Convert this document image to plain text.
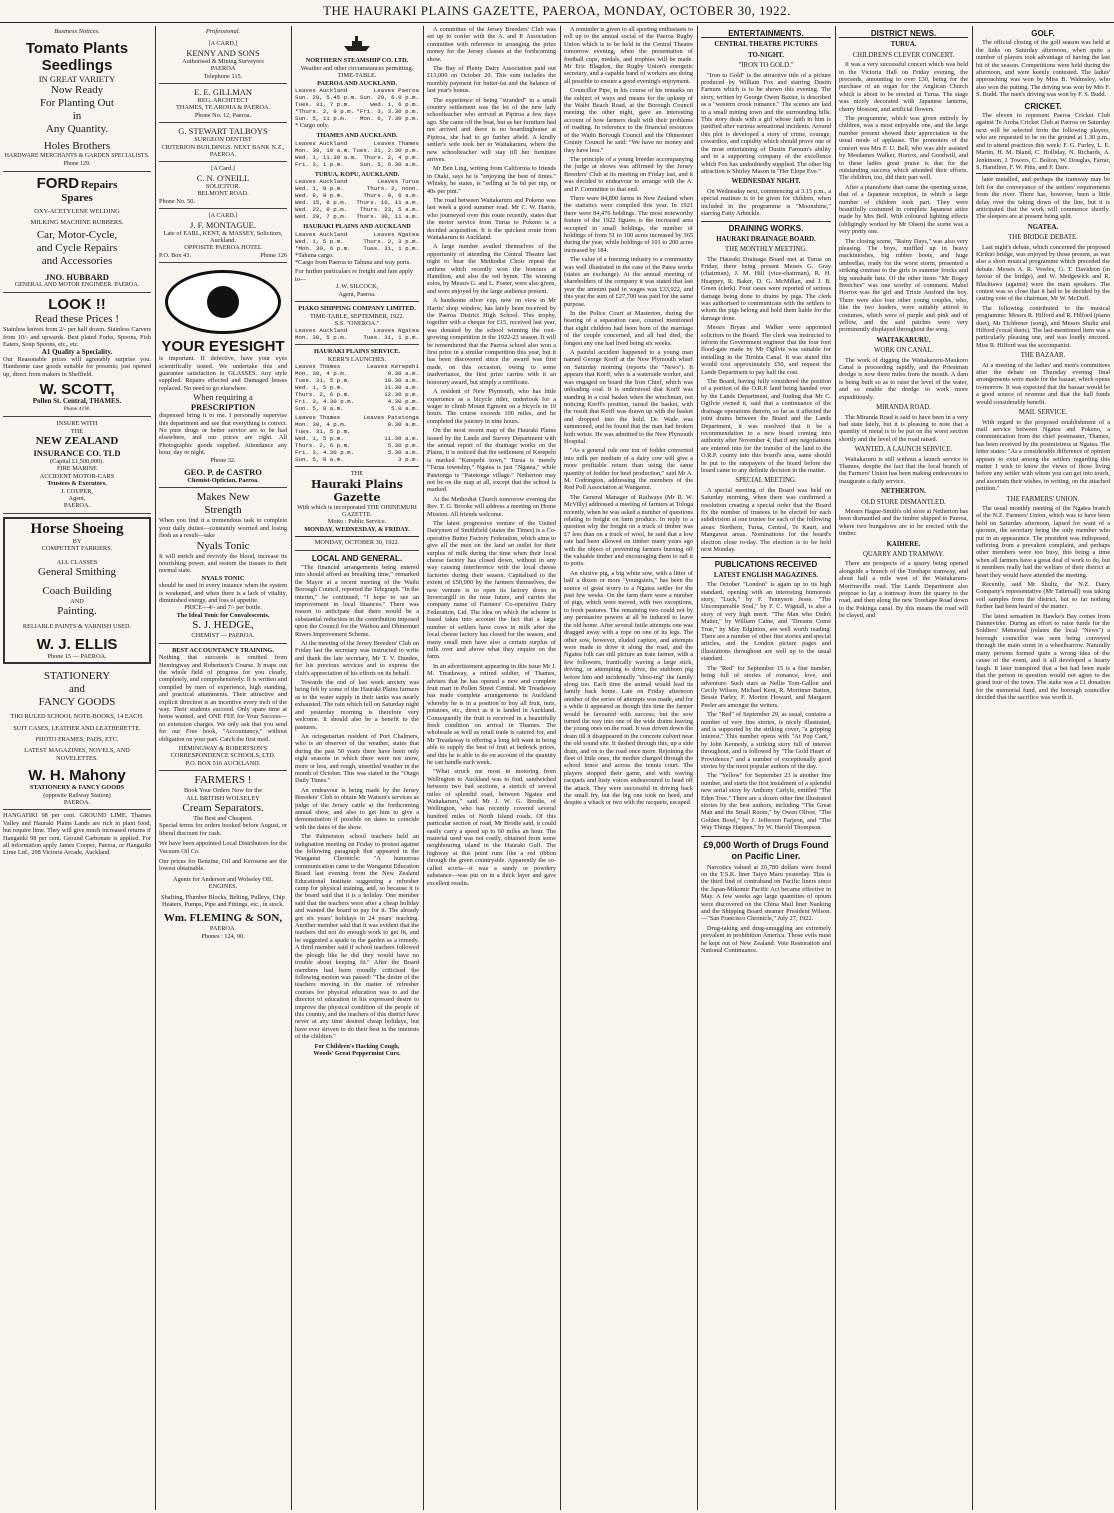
THE HAURAKI PLAINS GAZETTE, PAEROA, MONDAY, OCTOBER 30, 1922.
Business Notices.
Tomato Plants
Seedlings
IN GREAT VARIETY
Now Ready
For Planting Out
in
Any Quantity.
Holes Brothers
HARDWARE MERCHANTS & GARDEN SPECIALISTS.
Phone 129.
FORD Repairs
Spares
OXY-ACETYLENE WELDING
MILKING MACHINE RUBBERS.
Car, Motor-Cycle,
and Cycle Repairs
and Accessories
JNO. HUBBARD
GENERAL AND MOTOR ENGINEER. PAEROA.
LOOK !!
Read these Prices !
Stainless knives from 2/- per half dozen. Stainless Carvers from 10/- and upwards. Best plated Forks, Spoons, Fish Eaters, Soup Spoons, etc., etc.
A1 Quality a Speciality.
Our Reasonable prices will agreeably surprise you. Handsome case goods suitable for presents; just opened up, direct from makers in Sheffield.
W. SCOTT,
Pollen St. Central, THAMES.
Phone 41W.
INSURE WITH
THE
NEW ZEALAND
INSURANCE CO. TLD
(Capital £1,500,000).
FIRE MARINE
ACCIDENT MOTOR-CARS
Trustees & Executors.
J. COUPER,
Agent,
PAEROA.
Horse Shoeing
BY
COMPETENT FARRIERS.
ALL CLASSES
General Smithing
Coach Building
AND
Painting.
RELIABLE PAINTS & VARNISH USED.
W. J. ELLIS
Phone 15 — PAEROA.
STATIONERY
and
FANCY GOODS
TIKI RULED SCHOOL NOTE-BOOKS, 14 EACH.
SUIT CASES, LEATHER AND LEATHERETTE.
PHOTO FRAMES, PADS, ETC.
LATEST MAGAZINES, NOVELS, AND NOVELETTES.
W. H. Mahony
STATIONERY & FANCY GOODS
(opposite Railway Station)
PAEROA.
HANGATIKI 98 per cent. GROUND LIME. Thames Valley and Hauraki Plains Lands are rich in plant food, but require lime. They will give much increased returns if Hangatiki 98 per cent. Ground Carbonate is applied. For all information apply James Cooper, Paeroa, or Hangatiki Lime Ltd., 208 Victoria Arcade, Auckland.
Professional.
[A CARD.]
KENNY AND SONS
Authorised & Mining Surveyors
PAEROA
Telephone 115.
E. E. GILLMAN
REG. ARCHITECT
THAMES, TE AROHA & PAEROA.
Phone No. 12, Paeroa.
G. STEWART TALBOYS
SURGEON DENTIST
CRITERION BUILDINGS. NEXT BANK N.Z., PAEROA.
[A Card.]
C. N. O'NEILL
SOLICITOR.
BELMONT ROAD.
Phone No. 50.
[A CARD.]
J. F. MONTAGUE.
Late of EARL, KENT, & MASSEY, Solicitors, Auckland.
OPPOSITE PAEROA HOTEL
P.O. Box 43.	Phone 126
YOUR EYESIGHT
is important. If defective, have your eyes scientifically tested. We undertake this and guarantee satisfaction in GLASSES. Any style supplied. Repairs effected and Damaged lenses replaced. No need to go elsewhere.
When requiring a
PRESCRIPTION
dispensed bring it to me. I personally supervise this department and see that everything is correct. No pure drugs or better service are to be had elsewhere, and our prices are right. All Photographic goods supplied. Attendance any hour, day or night.
Phone 32.
GEO. P. de CASTRO
Chemist-Optician, Paeroa.
Makes New
Strength
When you find it a tremendous task to complete your daily duties—constantly worried and losing flesh as a result—take
Nyals Tonic
It will enrich and revivify the blood, increase its nourishing power, and restore the tissues to their normal state.
NYALS TONIC
should be used in every instance when the system is weakened, and when there is a lack of vitality, diminished energy, and loss of appetite.
PRICE—4/- and 7/- per bottle.
The Ideal Tonic for Convalescents.
S. J. HEDGE,
CHEMIST — PAEROA.
BEST ACCOUNTANCY TRAINING.
Nothing that succeeds is omitted from Hemingway and Robertson's Course. It maps out the whole field of progress for you clearly, completely, and comprehensively. It is written and compiled by men of experience, high standing, and practical attainments. Their attractive and explicit direction is an incentive every inch of the way. Their students succeed. Only spare time at home wanted, and ONE FEE for Your Success—no extension charges. We only ask that you send for our Free book, "Accountancy," without obligation on your part. Catch the first mail.
HEMINGWAY & ROBERTSON'S CORRESPONDENCE SCHOOLS, LTD.
P.O. BOX 516 AUCKLAND.
FARMERS !
Book Your Orders Now for the
ALL BRITISH WOLSELEY
Cream Separators.
The Best and Cheapest.
Special terms for orders booked before August, or liberal discount for cash.
We have been appointed Local Distributors for the Vacuum Oil Co.
Our prices for Benzine, Oil and Kerosene are the lowest obtainable.
Agents for Anderson and Wolseley OIL ENGINES.
Shafting, Plumber Blocks, Belting, Pulleys, Chip Heaters, Pumps, Pipe and Fittings, etc., in stock.
Wm. FLEMING & SON,
PAEROA.
Phones : 124, 90.
NORTHERN STEAMSHIP CO. LTD.
Weather and other circumstances permitting.
TIME-TABLE.
PAEROA AND AUCKLAND.
Leaves Auckland	Leaves Paeroa
Sun. 29, 5.45 p.m. Sun. 29, 6.0 p.m.
Tues. 31, 7 p.m.	Wed. 1, 6 p.m.
*Thurs. 2, 9 p.m. *Fri. 3, 3.30 p.m.
Sun. 5, 11 p.m. Mon. 6, 7.30 p.m.
* Cargo only.
THAMES AND AUCKLAND.
Leaves Auckland	Leaves Thames
Mon. 30, 10 a.m. Tues. 31, 2.30 p.m.
Wed. 1, 11.30 a.m. Thurs. 2, 4 p.m.
Fri. 3, 1 p.m.	Sun. 5, 6.30 a.m.
TURUA, KOPU, AUCKLAND.
Leaves Auckland	Leaves Turua
Wed. 1, 8 p.m.	Thurs. 2, noon.
Wed. 8, 9 p.m.	Thurs. 9, 6 a.m.
Wed. 15, 8 p.m. Thurs. 16, 11 a.m.
Wed. 22, 9 p.m. Thurs. 23, 5 a.m.
Wed. 29, 7 p.m. Thurs. 30, 11 a.m.
HAURAKI PLAINS AND AUCKLAND
Leaves Auckland	Leaves Ngatea
Wed. 1, 5 p.m.	Thurs. 2, 3 p.m.
*Mon. 30, 6 p.m. Tues. 31, 1 p.m.
*Tahuna cargo.
*Cargo from Paeroa to Tahuna and way ports.
For further particulars re freight and fare apply to—
J. W. SILCOCK,
Agent, Paeroa.
PIAKO SHIPPING COMPANY LIMITED.
TIME-TABLE, SEPTEMBER, 1922.
S.S. "ONEROA."
Leaves Auckland	Leaves Ngatea
Mon. 30, 5 p.m.	Tues. 31, 1 p.m.
HAURAKI PLAINS SERVICE.
KERR'S LAUNCHES.
Leaves Thames	Leaves Kerepehi
Mon. 30, 4 p.m.	9.30 a.m.
Tues. 31, 5 p.m.	10.30 a.m.
Wed. 1, 5 p.m.	11.30 a.m.
Thurs. 2, 6 p.m.	12.30 p.m.
Fri. 3, 4.30 p.m.	4.30 p.m.
Sun. 5, 8 a.m.	5.0 a.m.
Leaves Thames	Leaves Patetonga
Mon. 30, 4 p.m.	8.30 a.m.
Tues. 31, 5 p.m.
Wed. 1, 5 p.m.	11.30 a.m.
Thurs. 2, 6 p.m.	5.30 p.m.
Fri. 3, 4.30 p.m.	5.30 a.m.
Sun. 5, 8 a.m.	3 p.m.
THE
Hauraki Plains Gazette
With which is incorporated THE OHINEMURI GAZETTE.
Motto : Public Service.
MONDAY, WEDNESDAY, & FRIDAY.
MONDAY, OCTOBER 30, 1922.
LOCAL AND GENERAL.

"The financial arrangements being entered into should afford an breathing time," remarked the Mayor at a recent meeting of the Waihi Borough Council, reported the Telegraph. "In the interim," he continued, "I hope to see an improvement in local finances." There was reason to anticipate that there would be a substantial reduction in the contribution imposed upon the Council for the Waihou and Ohinemuri Rivers Improvement Scheme.

At the meeting of the Jersey Breeders' Club on Friday last the secretary was instructed to write and thank the late secretary, Mr T. V. Dundee, for his previous services and to express the club's appreciation of his efforts on its behalf.

Towards the end of last week anxiety was being felt by some of the Hauraki Plains farmers as to the water supply in their tanks was nearly exhausted. The rain which fell on Saturday night and yesterday morning is therefore very welcome. It should also be a benefit to the pastures.

An octogenarian resident of Port Chalmers, who is an observer of the weather, states that during the past 50 years there have been only eight seasons in which there were not snow, more or less, and rough, unsettled weather in the month of October. This was stated in the "Otago Daily Times."

An endeavour is being made by the Jersey Breeders' Club to obtain Mr Watson's services as judge of the Jersey cattle at the forthcoming annual show, and also to get him to give a demonstration if possible on dates to coincide with the dates of the show.

The Palmerston school teachers held an indignation meeting on Friday to protest against the following paragraph that appeared in the Wanganui Chronicle: "A humorous communication came to the Wanganui Education Board last evening from the New Zealand Educational Institute suggesting a refresher camp for physical training, and, so because it is the board said that it is a holiday. One member said that the teachers were after a cheap holiday and wanted the board to pay for it. The already got six years' holidays in 24 years' teaching. Another member said that it was evident that the teachers did not do enough work to get fit, and he suggested a spade in the garden as a remedy. A third member said if school teachers followed the plough like he did they would have no trouble about keeping fit." After the Board members had been roundly criticised the following motion was passed: "The desire of the teachers moving in the matter of refresher courses for physical education was to aid the director of education in his expressed desire to improve the physical condition of the people of this country, and the teachers of this district have never at any time desired cheap holidays, but have ever striven to do their best in the interests of the children."

For Children's Hacking Cough,
Woods' Great Peppermint Cure.

A committee of the Jersey Breeders' Club was set up to confer with the A. and P. Association committee with reference to arranging the prize money for the Jersey classes at the forthcoming show.

The Bay of Plenty Dairy Association paid out £13,000 on October 20. This sum includes the monthly payment for butter-fat and the balance of last year's bonus.

The experience of being "stranded" in a small country settlement was the lot of the new lady schoolteacher who arrived at Pipiroa a few days ago. She came off the boat, but as her furniture had not arrived and there is no boardinghouse at Pipiroa, she had to go further afield. A kindly settler's wife took her to Waitakaruru, where the new schoolteacher will stay till her furniture arrives.

Mr Ben Ling, writing from California to friends in Otaki, says he is "enjoying the best of times." Whisky, he states, is "selling at 3s 6d per nip, or 40s per pint."

The road between Waitakaruru and Pokeno was last week a good summer road. Mr C. W. Harris, who journeyed over this route recently, states that the motor service from Turua to Pokeno is a decided acquisition. It is the quickest route from Waitakaruru to Auckland.

A large number availed themselves of the opportunity of attending the Central Theatre last night to hear the Methodist Choir repeat the anthem which recently won the honours at Hamilton, and also the red hymn. The winning solos, by Messrs G. and L. Foster, were also given, and were enjoyed by the large audience present.

A handsome silver cup, now on view in Mr Harris' shop window, has lately been received by the Paeroa District High School. This trophy, together with a cheque for £15, received last year, was donated by the school winning the root-growing competition in the 1922-23 season. It will be remembered that the Paeroa school also won a first prize in a similar competition this year, but it has been discovered since the award was first made, on this occasion, owing to some inadvertance, the first prize carries with it an honorary award, but simply a certificate.

A resident of New Plymouth, who has little experience as a bicycle rider, undertook for a wager to climb Mount Egmont on a bicycle in 10 hours. The course exceeds 100 miles, and he completed the journey in nine hours.

On the most recent map of the Hauraki Plains issued by the Lands and Survey Department with the annual report of the drainage works on the Plains, it is noticed that the settlement of Kerepehi is marked "Kerepehi town," Turua is merely "Turua township," Ngatea is just "Ngatea," while Patetonga is "Patetonga village." Netherton may not be on the map at all, except that the school is marked.

At the Methodist Church tomorrow evening the Rev. T. G. Brooke will address a meeting on Home Mission. All friends welcome.

The latest progressive venture of the United Dairymen of Smithfield (states the Times) is a Co-operative Butter Factory Federation, which aims to give all the men on the land an outlet for their surplus of milk during the time when their local cheese factory has closed down, without in any way causing interference with the local cheese factories during their season. Capitalised to the extent of £50,000 by the farmers themselves, the new venture is to open its factory doors in Invercargill in the near future, and carries the company name of Farmers' Co-operative Dairy Federation, Ltd. The idea on which the scheme is based takes into account the fact that a large number of settlers have cows in milk after the local cheese factory has closed for the season, and many small men have also a certain surplus of milk over and above what they require on the farm.

In an advertisement appearing in this issue Mr J. M. Treadaway, a retired soldier, of Thames, advises that he has opened a new and complete fruit mart in Pollen Street Central. Mr Treadaway has made complete arrangements in Auckland whereby he is in a position to buy all fruit, nuts, potatoes, etc., direct as it is landed in Auckland. Consequently the fruit is received in a beautifully fresh condition on arrival in Thames. The wholesale as well as retail trade is catered for, and Mr Treadaway is offering a long felt want in being able to supply the best of fruit at bedrock prices, and this he is able to do on account of the quantity he can handle each week.

"What struck me most in motoring from Wellington to Auckland was to find, sandwiched between two bad sections, a stretch of several miles of splendid road, between Ngatea and Waitakaruru," said Mr J. W. G. Brodie, of Wellington, who has recently covered several hundred miles of North Island roads. Of this particular section of road, Mr Brodie said, it could easily carry a speed up to 60 miles an hour. The material used was not costly, obtained from some neighbouring island in the Hauraki Gulf. The highway at this point runs like a red ribbon through the green countryside. Apparently the so-called scoria—it was a sandy or powdery substance—was put on in a thick layer and gave excellent results.

A reminder is given to all sporting enthusiasts to roll up to the annual social of the Paeroa Rugby Union which is to be held in the Central Theatre tomorrow evening, when the presentation of football cups, medals, and trophies will be made. Mr Eric Blagdon, the Rugby Union's energetic secretary, and a capable band of workers are doing all possible to ensure a good evening's enjoyment.

Councillor Pipe, in his course of his remarks on the subject of ways and means for the upkeep of the Waihi Beach Road, at the Borough Council meeting the other night, gave an interesting account of how farmers dealt with their problems of roading. In reference to the financial resources of the Waihi Borough Council and the Ohinemuri County Council he said: "We have no money and they have less."

The principle of a young breeder accompanying the judge at shows was affirmed by the Jersey Breeders' Club at its meeting on Friday last, and it was decided to endeavour to arrange with the A. and P. Committee to that end.

There were 84,890 farms in New Zealand when the statistics were compiled this year. In 1921 there were 84,476 holdings. The most noteworthy feature of the 1922 figures is the increased area occupied in small holdings, the number of holdings of from 51 to 100 acres increased by 365 during the year, while holdings of 101 to 200 acres increased by 184.

The value of a freezing industry to a community was well illustrated in the case of the Patea works (states an exchange). At the annual meeting of shareholders of the company it was stated that last year the amount paid in wages was £33,922, and this year the sum of £27,700 was paid for the same purpose.

In the Police Court at Masterton, during the hearing of a separation case, counsel mentioned that eight children had been born of the marriage of the couple concerned, and all had died, the longest any one had lived being six weeks.

A painful accident happened to a young man named George Korff at the New Plymouth wharf on Saturday morning (reports the "News"). It appears that Korff, who is a waterside worker, and was engaged on board the Iron Chief, which was unloading coal. It is understood that Korff was standing in a coal basket when the winchman, not noticing Korff's position, raised the basket, with the result that Korff was drawn up with the basket and dropped into the hold. Dr. Wade was summoned, and he found that the man had broken both wrists. He was admitted to the New Plymouth Hospital.

"As a general rule one ton of fodder converted into milk per medium of a dairy cow will give a more profitable return than using the same quantity of fodder for beef production," said Mr A. M. Codrington, addressing the members of the Red Poll Association at Wanganui.

The General Manager of Railways (Mr R. W. McVilly) addressed a meeting of farmers at Tologa recently, when he was asked a number of questions relating to freight on farm produce. In reply to a question why the freight on a truck of timber was £7 less than on a truck of wool, he said that a low rate had been allowed on timber many years ago with the object of preventing farmers burning off the valuable timber and encouraging them to rail it to ports.

An elusive pig, a big white sow, with a litter of half a dozen or more "youngsters," has been the source of great worry to a Ngatea settler for the past few weeks. On the farm there were a number of pigs, which were moved, with two exceptions, to fresh pastures. The remaining two could not by any persuasive powers at all be induced to leave the old home. After several futile attempts one was dragged away with a rope on one of its legs. The other sow, however, eluded capture, and attempts were made to drive it along the road, and the Ngatea folk can still picture an irate farmer, with a few followers, frantically waving a large stick, driving, or attempting to drive, the stubborn pig before him and incidentally "shoo-ing" the family along too. Each time the animal would lead its family back home. Late on Friday afternoon another of the series of attempts was made, and for a while it appeared as though this time the farmer would be favoured with success; but the sow turned the way into one of the wide drains leaving the young ones on the road. It was driven down the drain till it disappeared in the concrete culvert near the old sound site. It dashed through this, up a side drain, and on to the road once more. Rejoining the fleet of little ones, the mother charged through the school fence and across the tennis court. The players stopped their game, and with waving racquets and lusty voices endeavoured to head off the attack. They were successful in driving back the small fry, but the big one took no heed, and despite a whack or two with the racquets, escaped.

ENTERTAINMENTS.
CENTRAL THEATRE PICTURES
TO-NIGHT.
"IRON TO GOLD."

"Iron to Gold" is the attractive title of a picture produced by William Fox and starring Dustin Farnum which is to be shown this evening. The story, written by George Owen Baxter, is described as a "western crook romance." The scenes are laid in a small mining town and the surrounding hills. This story deals with a girl whose faith in him is justified after various sensational incidents. Around this plot is developed a story of crime, courage, cowardice, and cupidity which should prove one of the most entertaining of Dustin Farnum's ability and to a supporting company of the excellence which Fox has undoubtedly supplied. The other big attraction is Shirley Mason in "Her Elope Eve."

WEDNESDAY NIGHT.

On Wednesday next, commencing at 3.15 p.m., a special matinee is to be given for children, when included in the programme is "Moonshine," starring Fatty Arbuckle.

DRAINING WORKS.
HAURAKI DRAINAGE BOARD.
THE MONTHLY MEETING.

The Hauraki Drainage Board met at Turua on Friday, there being present Messrs G. Gray (chairman), J. M. Hill (vice-chairman), R. H. Heappey, R. Baker, D. G. McMillan, and J. B. Green (clerk). Four cases were reported of serious damage being done to drains by pigs. The clerk was authorised to communicate with the settlers to whom the pigs belong and hold them liable for the damage done.

Messrs Bryan and Walker were appointed solicitors to the Board. The clerk was instructed to inform the Government engineer that the four foot flood-gate made by Mr Ogilvie was suitable for installing in the Tirohia Canal. It was stated this would cost approximately £50, and request the Lands Department to pay half the cost.

The Board, having fully considered the position of a portion of the O.R.P. land being handed over by the Lands Department, and finding that Mr C. Ogilvie owned it, said that a continuance of the drainage operations therein, so far as it affected the joint drains between the Board and the Lands Department, it was resolved that it be a recommendation to a new board coming into authority after November 4, that if any negotiations are entered into for the transfer of the land to the O.R.P. county into this board's area, same should be put to the ratepayers of the board before the board came to any definite decision in the matter.

SPECIAL MEETING.

A special meeting of the Board was held on Saturday morning, when there was confirmed a resolution creating a special order that the Board fix the number of trustees to be elected for each subdivision at one trustee for each of the following areas: Northern, Turua, Central, Te Kauri, and Mangawai areas. Nominations for the board's election close to-day. The election is to be held next Monday.

PUBLICATIONS RECEIVED
LATEST ENGLISH MAGAZINES.

The October "London" is again up to its high standard, opening with an interesting humorous story, "Luck," by F. Tennyson Jesse. "The Unconquerable Soul," by F. C. Wignall, is also a story of very high merit. "The Man who Didn't Matter," by William Caine, and "Dreams Come True," by May Edginton, are well worth reading. There are a number of other fine stories and special articles, and the London picture pages and illustrations throughout are well up to the usual standard.

The "Red" for September 15 is a fine number, being full of stories of romance, love, and adventure. Such stars as Nellie Tom-Gallon and Cecily Wilson, Michael Kent, R. Mortimer Batten, Bessie Parley, F. Morton Howard, and Margaret Peeler are amongst the writers.

The "Red" of September 29, as usual, contains a number of very fine stories, is nicely illustrated, and is supported by the striking cover, "a gripping interest." This number opens with "At Pop Cant," by John Kennedy, a striking story full of interest throughout, and is followed by "The Gold Heart of Providence," and a number of exceptionally good stories by the most popular authors of the day.

The "Yellow" for September 23 is another fine number, and starts the first instalment of a splendid new serial story by Anthony Carlyle, entitled "The Eden Tree." There are a dozen other fine illustrated stories by the best authors, including "The Great Man and the Small Room," by Owen Oliver, "The Golden Bowl," by J. Jefferson Farjeon, and "The Way Things Happen," by W. Harold Thompson.

£9,000 Worth of Drugs Found on Pacific Liner.

Narcotics valued at £6,780 dollars were found on the T.S.K. liner Taiyo Maru yesterday. This is the third find of contraband on Pacific liners since the Japan-Mikomir Pacific Act became effective in May. A few weeks ago large quantities of opium were discovered on the China Mail liner Nanking and the Shipping Board steamer President Wilson.—"San Francisco Chronicle," July 27, 1922.

Drug-taking and drug-smuggling are extremely prevalent in prohibition America. Those evils must be kept out of New Zealand. Vote Restoration and National Continuance.

DISTRICT NEWS.
TURUA.
CHILDREN'S CLEVER CONCERT.

It was a very successful concert which was held in the Victoria Hall on Friday evening, the proceeds, amounting to over £30, being for the purchase of an organ for the Anglican Church which is about to be erected at Turua. The stage was nicely decorated with Japanese lanterns, cherry blossom, and artificial flowers.

The programme, which was given entirely by children, was a most enjoyable one, and the large number present showed their appreciation in the usual mode of applause. The promoters of the concert was Mrs F. U. Bell, who was ably assisted by Mesdames Walker, Horrox, and Goodwill, and to these ladies great praise is due for the outstanding success which attended their efforts. The children, too, did their part well.

After a pianoforte duet came the opening scene, that of a Japanese reception, in which a large number of children took part. They were beautifully costumed in complete Japanese attire made by Mrs Bell. With coloured lighting effects (obligingly worked by Mr Olsen) the scene was a very pretty one.

The closing scene, "Rainy Days," was also very pleasing. The boys, muffled up in heavy mackintoshes, big rubber boots, and huge umbrellas, ready for the worst storm, presented a striking contrast to the girls in summer frocks and big sunshade hats. Of the other items "Mr Bogey Breeches" was one worthy of comment. Mabel Horrox was the girl and Trixie Ansford the boy. There were also four other young couples, who, like the two leaders, were suitably attired in costumes, which were of purple and pink and of yellow, and the said patches were very prominently displayed throughout the song.

WAITAKARURU.
WORK ON CANAL.

The work of digging the Waitakaruru-Maukoro Canal is proceeding rapidly, and the Priestman dredge is now three miles from the mouth. A dam is being built so as to raise the level of the water, and so enable the dredge to work more expeditiously.

MIRANDA ROAD.

The Miranda Road is said to have been in a very bad state lately, but it is pleasing to note that a quantity of metal is to be put on the worst section shortly and the level of the road raised.

WANTED, A LAUNCH SERVICE.

Waitakaruru is still without a launch service to Thames, despite the fact that the local branch of the Farmers' Union has been making endeavours to inaugurate a daily service.

NETHERTON.
OLD STORE DISMANTLED.

Messrs Hague-Smith's old store at Netherton has been dismantled and the timber shipped to Paeroa, where two bungalows are to be erected with the timber.

KAIHERE.
QUARRY AND TRAMWAY.

There are prospects of a quarry being opened alongside a branch of the Torehape tramway, and about half a mile west of the Waitakaruru-Morrinsville road. The Lands Department also propose to lay a tramway from the quarry to the road, and then along the new Torehape Road down to the Pokinga canal. By this means the road will be clayed, and

GOLF.

The official closing of the golf season was held at the links on Saturday afternoon, when quite a number of players took advantage of having the last hit of the season. Competitions were held during the afternoon, and were keenly contested. The ladies' approaching was won by Miss B. Walmsley, who also won the putting. The driving was won by Mrs F. S. Budd. The men's driving was won by F. S. Budd.

CRICKET.

The eleven to represent Paeroa Cricket Club against Te Aroha Cricket Club at Paeroa on Saturday next will be selected from the following players, who are requested to be on the ground at 1.30 p.m., and to attend practices this week: F. G. Furley, L. E. Martin, H. M. Bland, C. Holliday, N. Richards, A. Jenkinson, J. Towers, C. Bolton, W. Douglas, Farrar, S. Hamilton, F. W. Pitts, and F. Dare.

later metalled, and perhaps the tramway may be left for the conveyance of the settlers' requirements from the river. There has, however, been a little delay over the taking down of the line, but it is anticipated that the work will commence shortly. The sleepers are at present being split.

NGATEA.
THE BRIDGE DEBATE.

Last night's debate, which concerned the proposed Kirikiri bridge, was enjoyed by those present, as was also a short musical programme which preceded the debate. Messrs A. R. Vowles, G. T. Davidson (in favour of the bridge), and W. Medgewick and R. Blackiaws (against) were the main speakers. The contest was so close that it had to be decided by the casting vote of the chairman, Mr W. McDuff.

The following contributed to the musical programme: Messrs R. Hilford and R. Hilford (piano duet), Mr Tichbener (song), and Messrs Shultz and Hilford (vocal duets). The last-mentioned item was a particularly pleasing one, and was loudly encored. Miss R. Hilford was the accompanist.

THE BAZAAR.

At a meeting of the ladies' and men's committees after the debate on Thursday evening final arrangements were made for the bazaar, which opens to-morrow. It was expected that the bazaar would be a good source of revenue and that the hall funds would considerably benefit.

MAIL SERVICE.

With regard to the proposed establishment of a mail service between Ngatea and Pokeno, a communication from the chief postmaster, Thames, has been received by the postmistress at Ngatea. The letter states: "As a considerable difference of opinion appears to exist among the settlers regarding this matter I wish to know the views of those living before any settler with whom you can get into touch, and ascertain their wishes, in writing, on the attached petition."

THE FARMERS' UNION.

The usual monthly meeting of the Ngatea branch of the N.Z. Farmers' Union, which was to have been held on Saturday afternoon, lapsed for want of a quorum, the secretary being the only member who put in an appearance. The president was indisposed, suffering from a prevalent complaint, and perhaps other members were too busy, this being a time when all farmers have a great deal of work to do, but it members really had the welfare of their district at heart they would have attended the meeting.

Recently, said Mr Shultz, the N.Z. Dairy Company's representative (Mr Tattersall) was taking soil samples from the district, but so far nothing further had been heard of the matter.

The latest sensation in Hawke's Bay comes from Dannevirke. During an effort to raise funds for the Soldiers' Memorial (relates the local "News") a borough councillor was seen being conveyed through the main street in a wheelbarrow. Naturally many persons formed quite a wrong idea of the cause of the event, and it all developed a hearty laugh. It later transpired that a bet had been made that the person in question would not agree to the grand tour of the town. The stake was a £1 donation for the memorial fund, and the borough councillor decided that the sacrifice was worth it.
